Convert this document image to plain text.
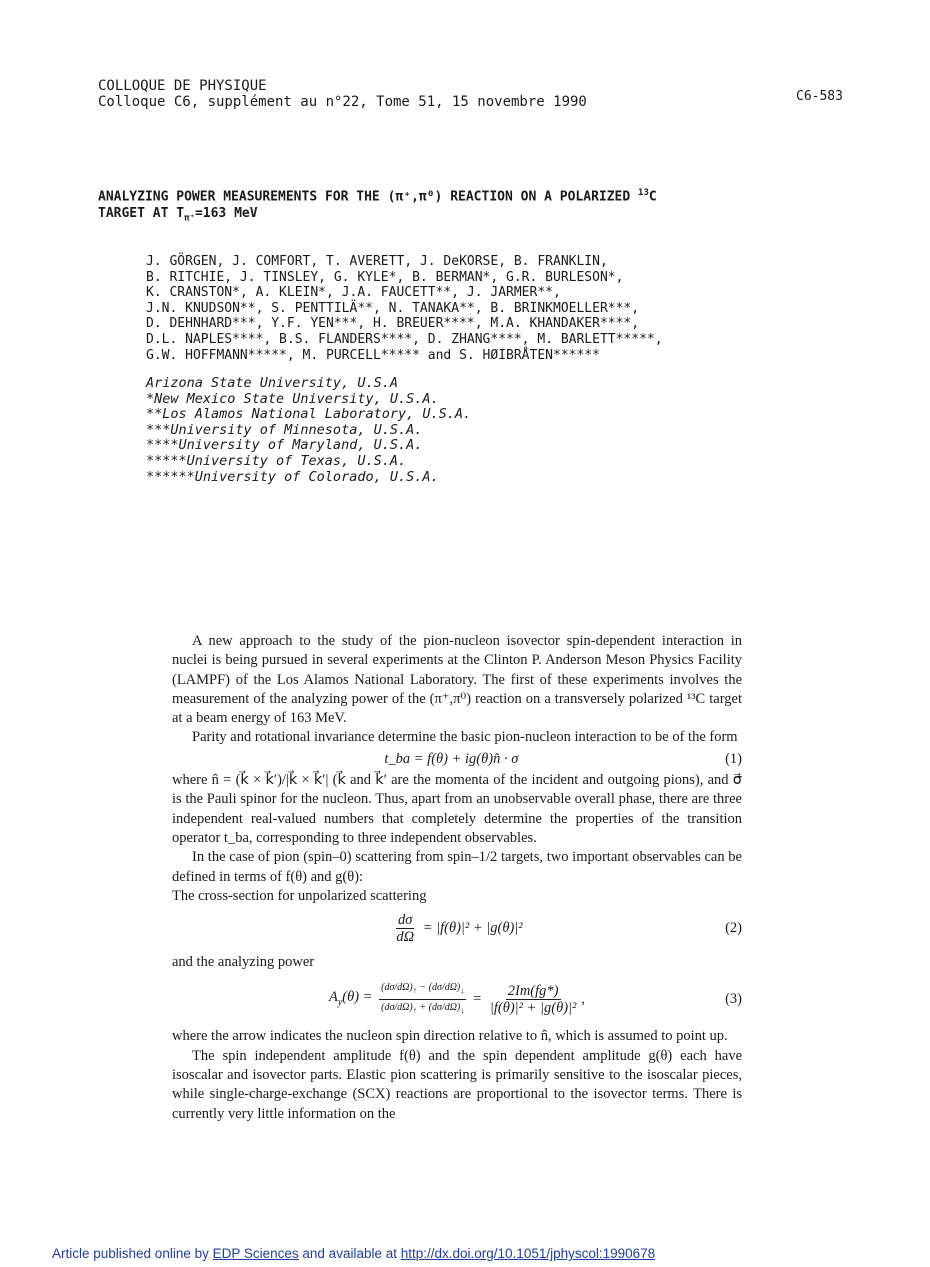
COLLOQUE DE PHYSIQUE
Colloque C6, supplément au n°22, Tome 51, 15 novembre 1990	C6-583
ANALYZING POWER MEASUREMENTS FOR THE (π⁺,π⁰) REACTION ON A POLARIZED $^{13}$C
TARGET AT $T_{\pi^+}=163$ MeV
J. GÖRGEN, J. COMFORT, T. AVERETT, J. DeKORSE, B. FRANKLIN,
B. RITCHIE, J. TINSLEY, G. KYLE*, B. BERMAN*, G.R. BURLESON*,
K. CRANSTON*, A. KLEIN*, J.A. FAUCETT**, J. JARMER**,
J.N. KNUDSON**, S. PENTTILÄ**, N. TANAKA**, B. BRINKMOELLER***,
D. DEHNHARD***, Y.F. YEN***, H. BREUER****, M.A. KHANDAKER****,
D.L. NAPLES****, B.S. FLANDERS****, D. ZHANG****, M. BARLETT*****,
G.W. HOFFMANN*****, M. PURCELL***** and S. HØIBRÅTEN******
Arizona State University, U.S.A
*New Mexico State University, U.S.A.
**Los Alamos National Laboratory, U.S.A.
***University of Minnesota, U.S.A.
****University of Maryland, U.S.A.
*****University of Texas, U.S.A.
******University of Colorado, U.S.A.

A new approach to the study of the pion-nucleon isovector spin-dependent interaction in nuclei is being pursued in several experiments at the Clinton P. Anderson Meson Physics Facility (LAMPF) of the Los Alamos National Laboratory. The first of these experiments involves the measurement of the analyzing power of the (π⁺,π⁰) reaction on a transversely polarized ¹³C target at a beam energy of 163 MeV.

Parity and rotational invariance determine the basic pion-nucleon interaction to be of the form

t_ba = f(θ) + ig(θ)n̂ · σ⃗	(1)

where n̂ = (k⃗ × k⃗′)/|k⃗ × k⃗′| (k⃗ and k⃗′ are the momenta of the incident and outgoing pions), and σ⃗ is the Pauli spinor for the nucleon. Thus, apart from an unobservable overall phase, there are three independent real-valued numbers that completely determine the properties of the transition operator t_ba, corresponding to three independent observables.

In the case of pion (spin–0) scattering from spin–1/2 targets, two important observables can be defined in terms of f(θ) and g(θ):

The cross-section for unpolarized scattering

$\frac{d\sigma}{d\Omega} = |f(\theta)|^2 + |g(\theta)|^2$	(2)

and the analyzing power

$A_y(\theta) = \frac{(d\sigma/d\Omega)_↑ - (d\sigma/d\Omega)_↓}{(d\sigma/d\Omega)_↑ + (d\sigma/d\Omega)_↓} = \frac{2Im(fg*)}{\text{|f(θ)|² + |g(θ)|²}}$ ,	(3)

where the arrow indicates the nucleon spin direction relative to n̂, which is assumed to point up.

The spin independent amplitude f(θ) and the spin dependent amplitude g(θ) each have isoscalar and isovector parts. Elastic pion scattering is primarily sensitive to the isoscalar pieces, while single-charge-exchange (SCX) reactions are proportional to the isovector terms. There is currently very little information on the

Article published online by EDP Sciences and available at http://dx.doi.org/10.1051/jphyscol:1990678
